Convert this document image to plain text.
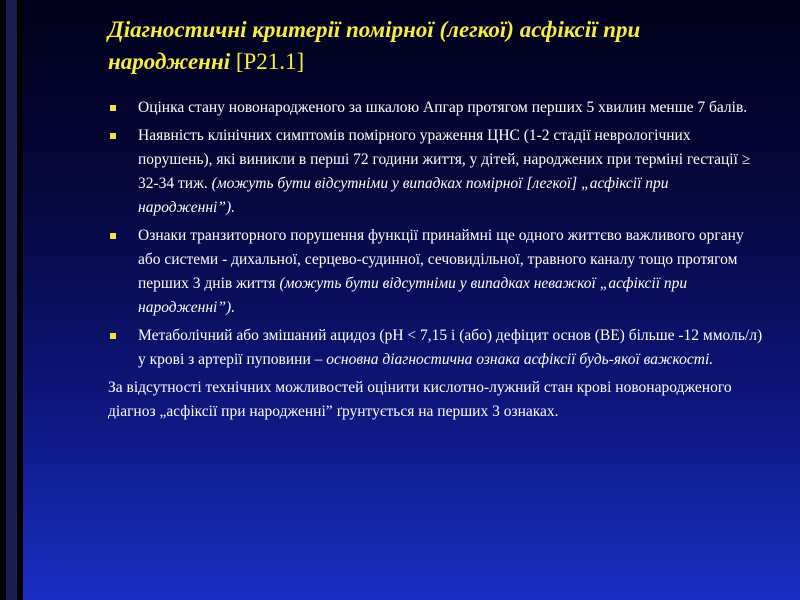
Діагностичні критерії помірної (легкої) асфіксії при народженні [Р21.1]
Оцінка стану новонародженого за шкалою Апгар протягом перших 5 хвилин менше 7 балів.
Наявність клінічних симптомів помірного ураження ЦНС (1-2 стадії неврологічних порушень), які виникли в перші 72 години життя, у дітей, народжених при терміні гестації ≥ 32-34 тиж. (можуть бути відсутніми у випадках помірної [легкої] „асфіксії при народженні”).
Ознаки транзиторного порушення функції принаймні ще одного життєво важливого органу або системи - дихальної, серцево-судинної, сечовидільної, травного каналу тощо протягом перших 3 днів життя (можуть бути відсутніми у випадках неважкої „асфіксії при народженні”).
Метаболічний або змішаний ацидоз (рН < 7,15 і (або) дефіцит основ (BE) більше -12 ммоль/л) у крові з артерії пуповини – основна діагностична ознака асфіксії будь-якої важкості.

За відсутності технічних можливостей оцінити кислотно-лужний стан крові новонародженого діагноз „асфіксії при народженні” ґрунтується на перших 3 ознаках.
